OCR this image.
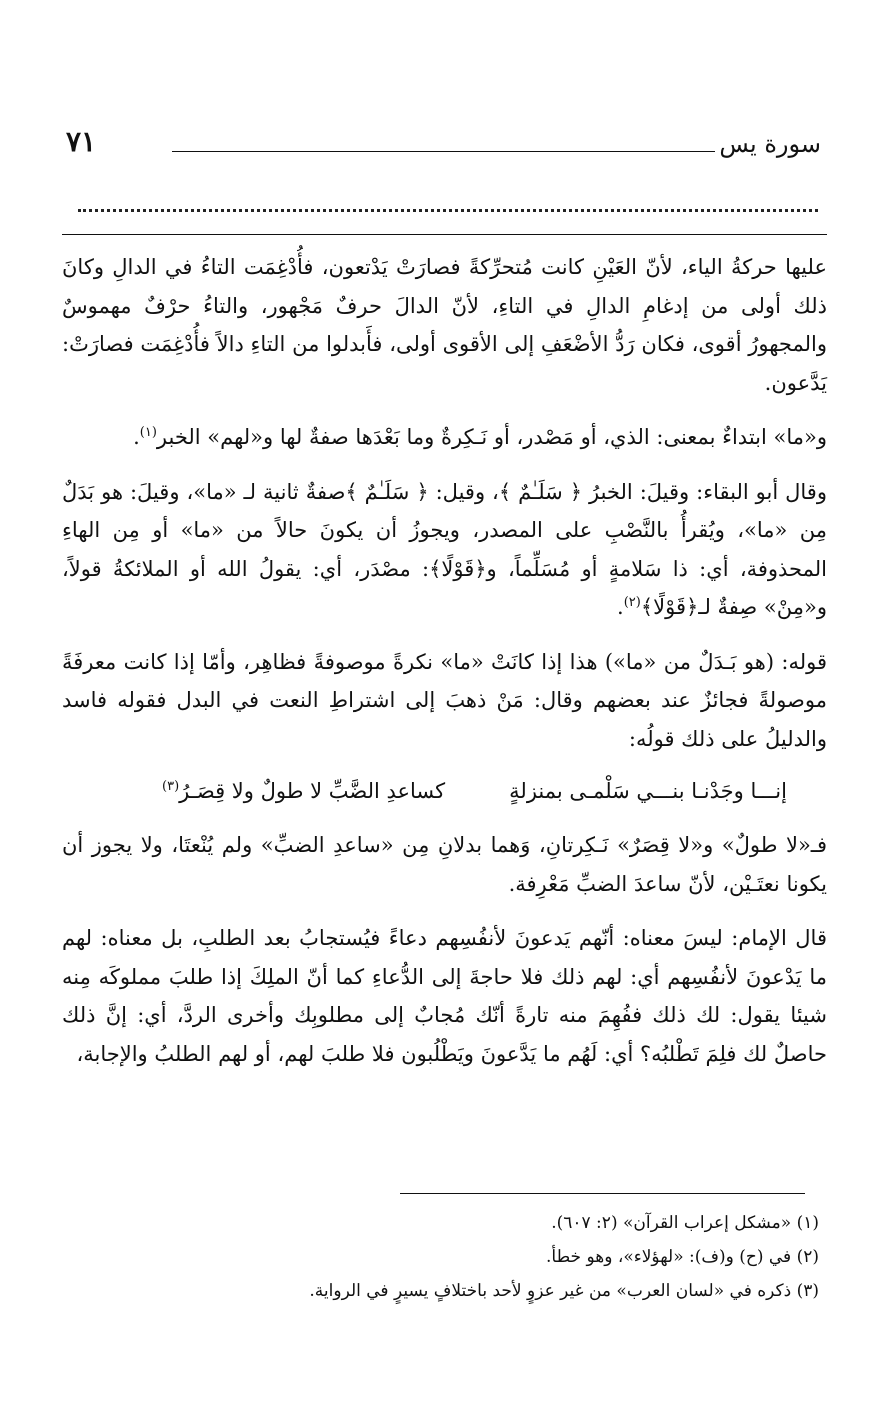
سورة يس
٧١

عليها حركةُ الياء، لأنّ العَيْنِ كانت مُتحرِّكةً فصارَتْ يَدْتعون، فأُدْغِمَت التاءُ في الدالِ وكانَ ذلك أولى من إدغامِ الدالِ في التاءِ، لأنّ الدالَ حرفٌ مَجْهور، والتاءُ حرْفٌ مهموسٌ والمجهورُ أقوى، فكان رَدُّ الأضْعَفِ إلى الأقوى أولى، فأَبدلوا من التاءِ دالاً فأُدْغِمَت فصارَتْ: يَدَّعون.

و«ما» ابتداءٌ بمعنى: الذي، أو مَصْدر، أو نَـكِرةٌ وما بَعْدَها صفةٌ لها و«لهم» الخبر$^{(١)}$.

وقال أبو البقاء: وقيلَ: الخبرُ ﴿ سَلَـٰمٌ ﴾، وقيل: ﴿ سَلَـٰمٌ ﴾صفةٌ ثانية لـ «ما»، وقيلَ: هو بَدَلٌ مِن «ما»، ويُقرأُ بالنَّصْبِ على المصدر، ويجوزُ أن يكونَ حالاً من «ما» أو مِن الهاءِ المحذوفة، أي: ذا سَلامةٍ أو مُسَلِّماً، و﴿قَوْلًا﴾: مصْدَر، أي: يقولُ الله أو الملائكةُ قولاً، و«مِنْ» صِفةٌ لـ﴿قَوْلًا﴾$^{(٢)}$.

قوله: (هو بَـدَلٌ من «ما») هذا إذا كانَتْ «ما» نكرةً موصوفةً فظاهِر، وأمّا إذا كانت معرفَةً موصولةً فجائزٌ عند بعضهم وقال: مَنْ ذهبَ إلى اشتراطِ النعت في البدل فقوله فاسد والدليلُ على ذلك قولُه:

إنـــا وجَدْنـا بنـــي سَلْمـى بمنزلةٍ
كساعدِ الضَّبِّ لا طولٌ ولا قِصَـرُ$^{(٣)}$

فـ«لا طولٌ» و«لا قِصَرٌ» نَـكِرتانِ، وَهما بدلانِ مِن «ساعدِ الضبِّ» ولم يُنْعتَا، ولا يجوز أن يكونا نعتَـيْن، لأنّ ساعدَ الضبِّ مَعْرِفة.

قال الإمام: ليسَ معناه: أنّهم يَدعونَ لأنفُسِهم دعاءً فيُستجابُ بعد الطلبِ، بل معناه: لهم ما يَدْعونَ لأنفُسِهم أي: لهم ذلك فلا حاجةَ إلى الدُّعاءِ كما أنّ الملِكَ إذا طلبَ مملوكَه مِنه شيئا يقول: لك ذلك ففُهِمَ منه تارةً أنّك مُجابٌ إلى مطلوبِك وأخرى الردَّ، أي: إنَّ ذلك حاصلٌ لك فلِمَ تَطْلبُه؟ أي: لَهُم ما يَدَّعونَ ويَطْلُبون فلا طلبَ لهم، أو لهم الطلبُ والإجابة،

(١) «مشكل إعراب القرآن» (٢: ٦٠٧).

(٢) في (ح) و(ف): «لهؤلاء»، وهو خطأ.

(٣) ذكره في «لسان العرب» من غير عزوٍ لأحد باختلافٍ يسيرٍ في الرواية.
